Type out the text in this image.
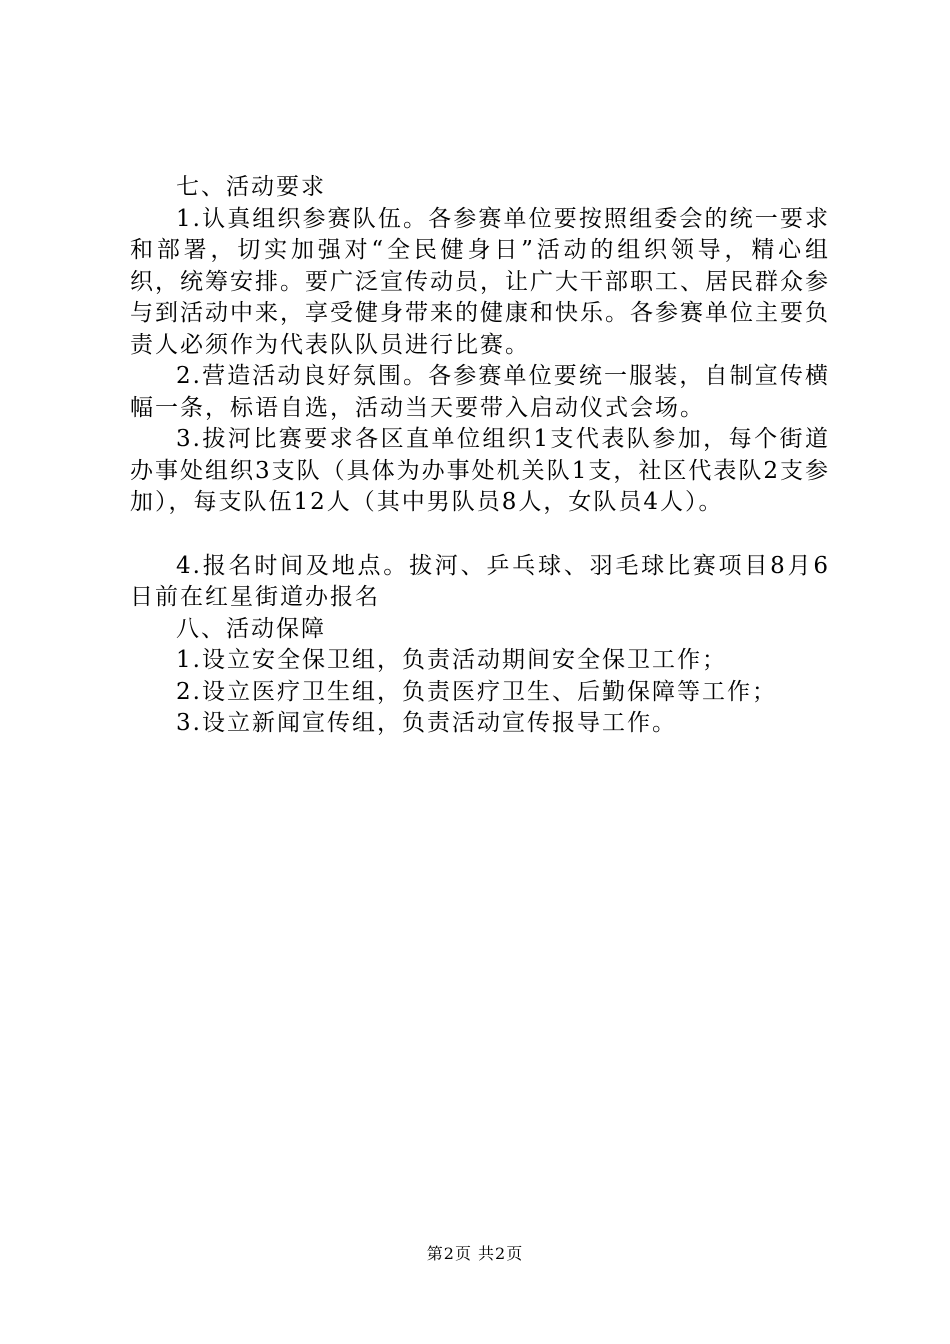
七、活动要求

1.认真组织参赛队伍。各参赛单位要按照组委会的统一要求和部署，切实加强对“全民健身日”活动的组织领导，精心组织，统筹安排。要广泛宣传动员，让广大干部职工、居民群众参与到活动中来，享受健身带来的健康和快乐。各参赛单位主要负责人必须作为代表队队员进行比赛。

2.营造活动良好氛围。各参赛单位要统一服装，自制宣传横幅一条，标语自选，活动当天要带入启动仪式会场。

3.拔河比赛要求各区直单位组织1支代表队参加，每个街道办事处组织3支队（具体为办事处机关队1支，社区代表队2支参加），每支队伍12人（其中男队员8人，女队员4人）。

4.报名时间及地点。拔河、乒乓球、羽毛球比赛项目8月6日前在红星街道办报名

八、活动保障

1.设立安全保卫组，负责活动期间安全保卫工作；

2.设立医疗卫生组，负责医疗卫生、后勤保障等工作；

3.设立新闻宣传组，负责活动宣传报导工作。

第2页 共2页
